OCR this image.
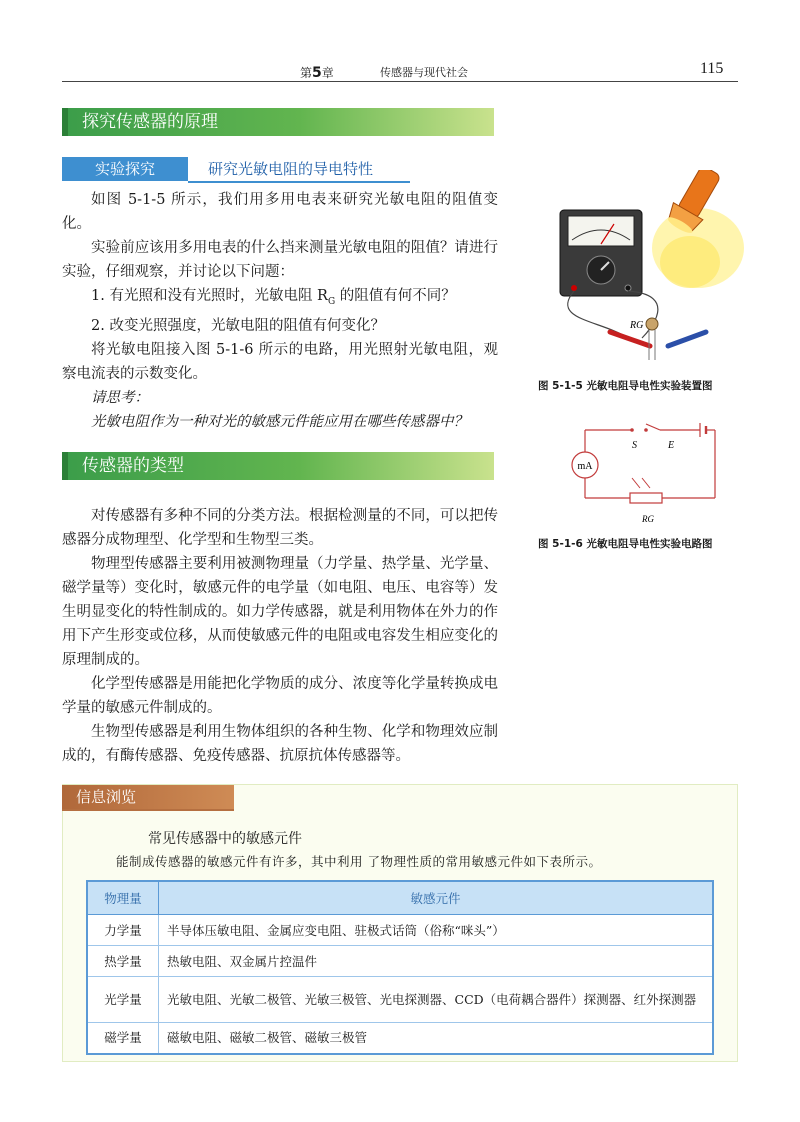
第5章	传感器与现代社会	115
探究传感器的原理
实验探究	研究光敏电阻的导电特性

如图 5-1-5 所示，我们用多用电表来研究光敏电阻的阻值变化。

实验前应该用多用电表的什么挡来测量光敏电阻的阻值？请进行实验，仔细观察，并讨论以下问题：

1. 有光照和没有光照时，光敏电阻 $R_G$ 的阻值有何不同？

2. 改变光照强度，光敏电阻的阻值有何变化？

将光敏电阻接入图 5-1-6 所示的电路，用光照射光敏电阻，观察电流表的示数变化。

请思考：

光敏电阻作为一种对光的敏感元件能应用在哪些传感器中？

RG
图 5-1-5 光敏电阻导电性实验装置图
mA
S	E
RG
图 5-1-6 光敏电阻导电性实验电路图
传感器的类型

对传感器有多种不同的分类方法。根据检测量的不同，可以把传感器分成物理型、化学型和生物型三类。

物理型传感器主要利用被测物理量（力学量、热学量、光学量、磁学量等）变化时，敏感元件的电学量（如电阻、电压、电容等）发生明显变化的特性制成的。如力学传感器，就是利用物体在外力的作用下产生形变或位移，从而使敏感元件的电阻或电容发生相应变化的原理制成的。

化学型传感器是用能把化学物质的成分、浓度等化学量转换成电学量的敏感元件制成的。

生物型传感器是利用生物体组织的各种生物、化学和物理效应制成的，有酶传感器、免疫传感器、抗原抗体传感器等。

信息浏览
常见传感器中的敏感元件
能制成传感器的敏感元件有许多，其中利用 了物理性质的常用敏感元件如下表所示。
物理量	敏感元件
力学量	半导体压敏电阻、金属应变电阻、驻极式话筒（俗称“咪头”）
热学量	热敏电阻、双金属片控温件
光学量	光敏电阻、光敏二极管、光敏三极管、光电探测器、CCD（电荷耦合器件）探测器、红外探测器
磁学量	磁敏电阻、磁敏二极管、磁敏三极管
